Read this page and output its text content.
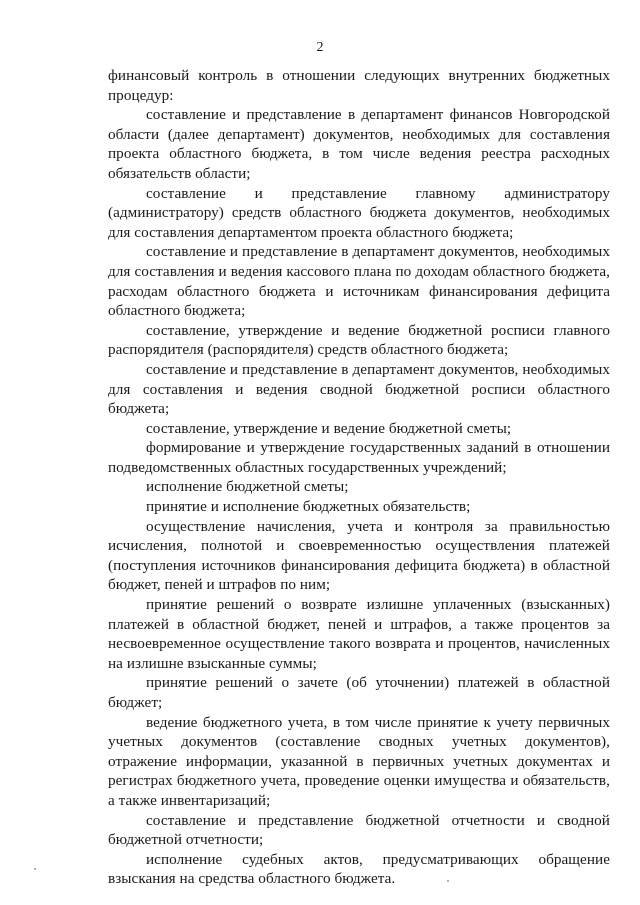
2

финансовый контроль в отношении следующих внутренних бюджетных процедур:

составление и представление в департамент финансов Новгородской области (далее департамент) документов, необходимых для составления проекта областного бюджета, в том числе ведения реестра расходных обязательств области;

составление и представление главному администратору (администратору) средств областного бюджета документов, необходимых для составления департаментом проекта областного бюджета;

составление и представление в департамент документов, необходимых для составления и ведения кассового плана по доходам областного бюджета, расходам областного бюджета и источникам финансирования дефицита областного бюджета;

составление, утверждение и ведение бюджетной росписи главного распорядителя (распорядителя) средств областного бюджета;

составление и представление в департамент документов, необходимых для составления и ведения сводной бюджетной росписи областного бюджета;

составление, утверждение и ведение бюджетной сметы;

формирование и утверждение государственных заданий в отношении подведомственных областных государственных учреждений;

исполнение бюджетной сметы;

принятие и исполнение бюджетных обязательств;

осуществление начисления, учета и контроля за правильностью исчисления, полнотой и своевременностью осуществления платежей (поступления источников финансирования дефицита бюджета) в областной бюджет, пеней и штрафов по ним;

принятие решений о возврате излишне уплаченных (взысканных) платежей в областной бюджет, пеней и штрафов, а также процентов за несвоевременное осуществление такого возврата и процентов, начисленных на излишне взысканные суммы;

принятие решений о зачете (об уточнении) платежей в областной бюджет;

ведение бюджетного учета, в том числе принятие к учету первичных учетных документов (составление сводных учетных документов), отражение информации, указанной в первичных учетных документах и регистрах бюджетного учета, проведение оценки имущества и обязательств, а также инвентаризаций;

составление и представление бюджетной отчетности и сводной бюджетной отчетности;

исполнение судебных актов, предусматривающих обращение взыскания на средства областного бюджета.
